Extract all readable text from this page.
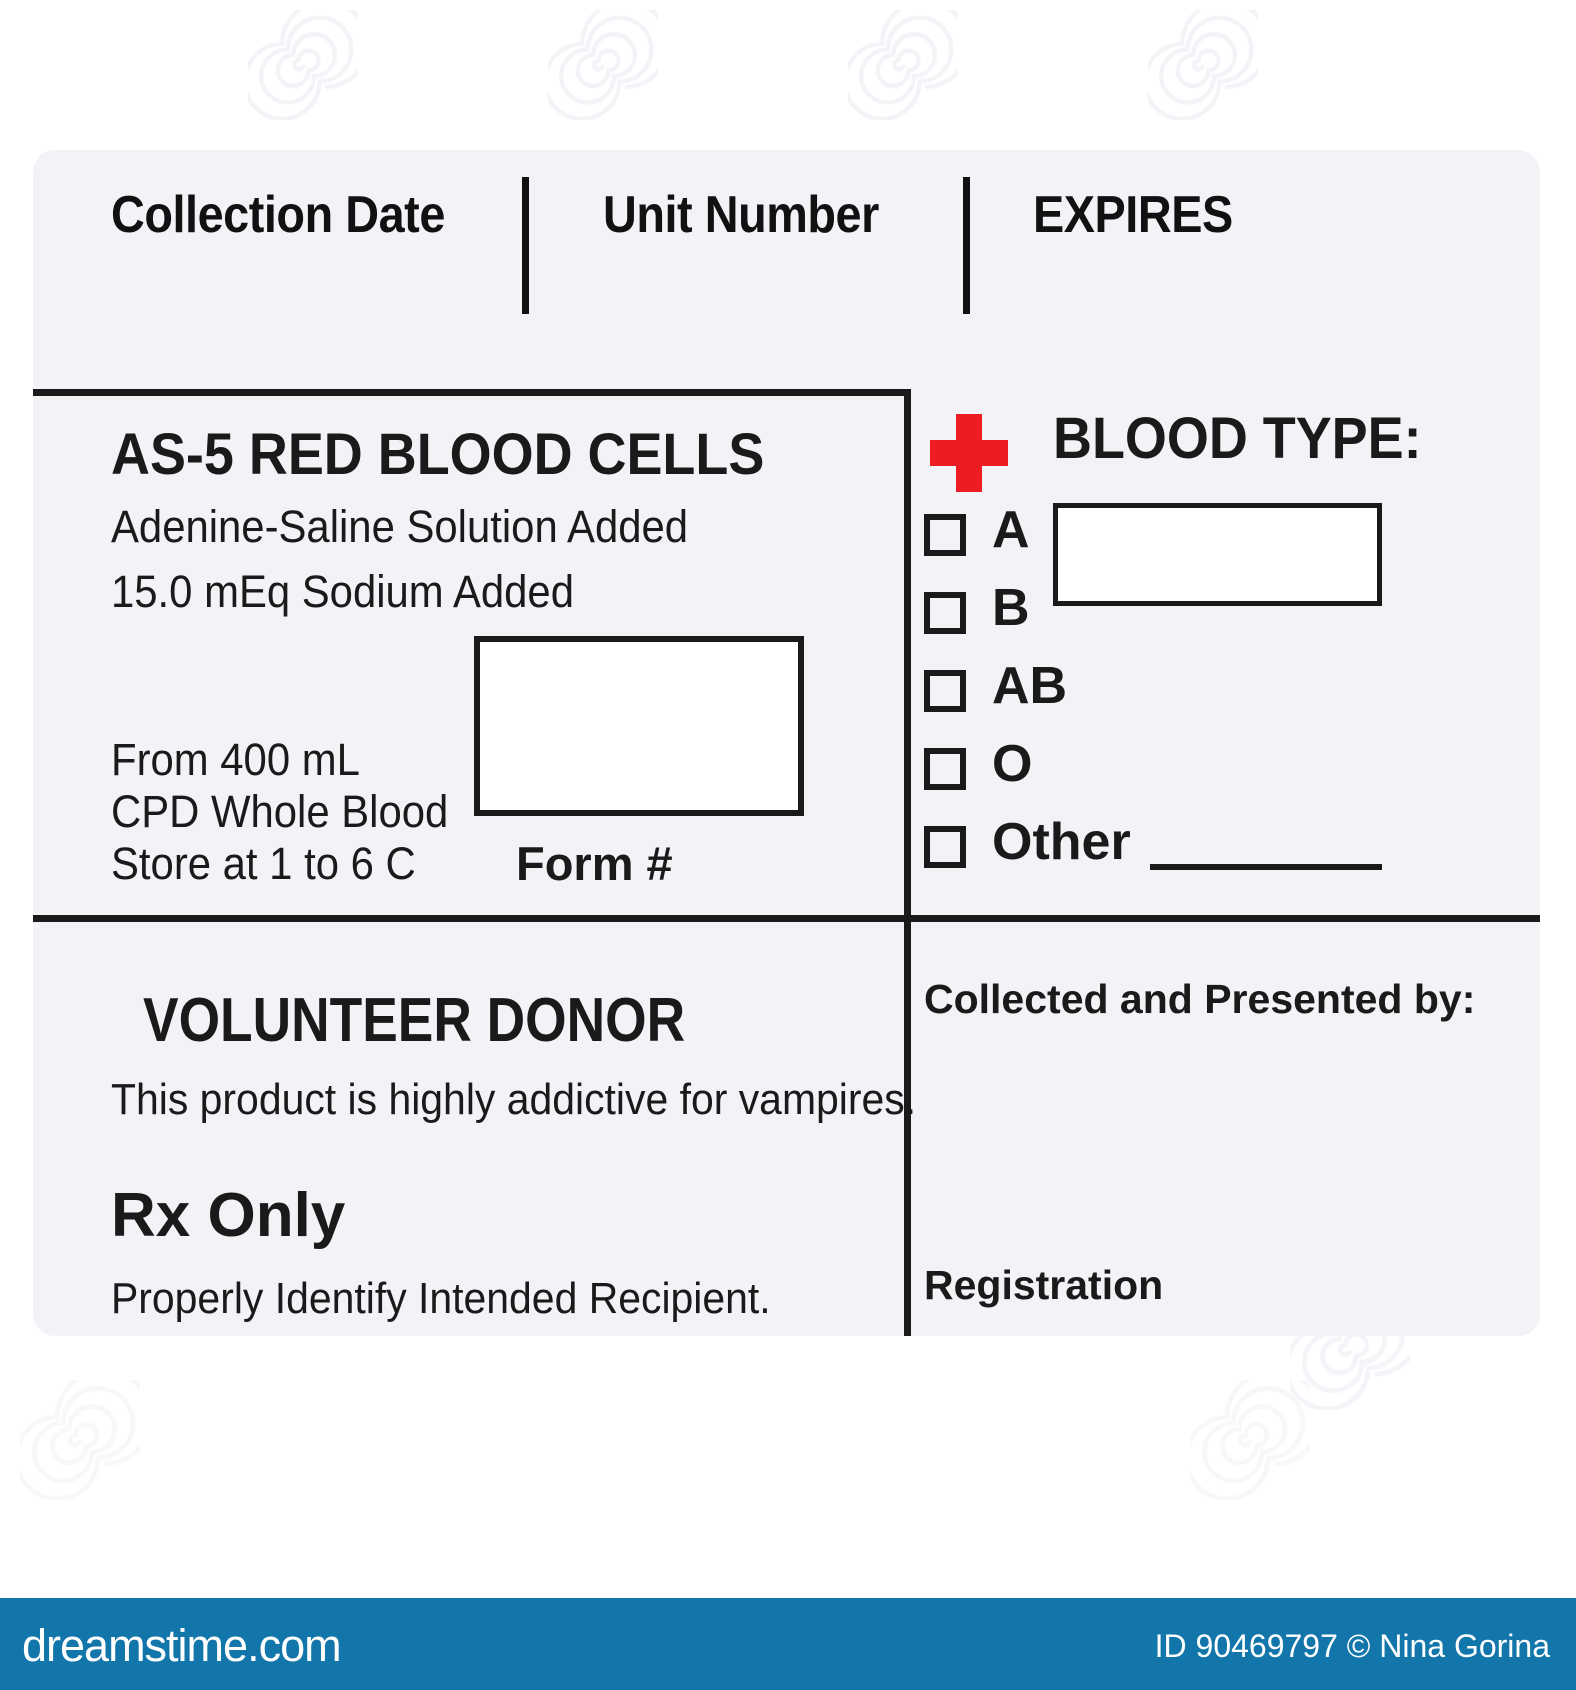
Collection Date	Unit Number	EXPIRES
AS-5 RED BLOOD CELLS
Adenine-Saline Solution Added
15.0 mEq Sodium Added
From 400 mL
CPD Whole Blood
Store at 1 to 6 C Form #
BLOOD TYPE:
A
B
AB
O
Other
VOLUNTEER DONOR
This product is highly addictive for vampires.
Rx Only
Properly Identify Intended Recipient.
Collected and Presented by:
Registration
dreamstime.com	ID 90469797 © Nina Gorina
